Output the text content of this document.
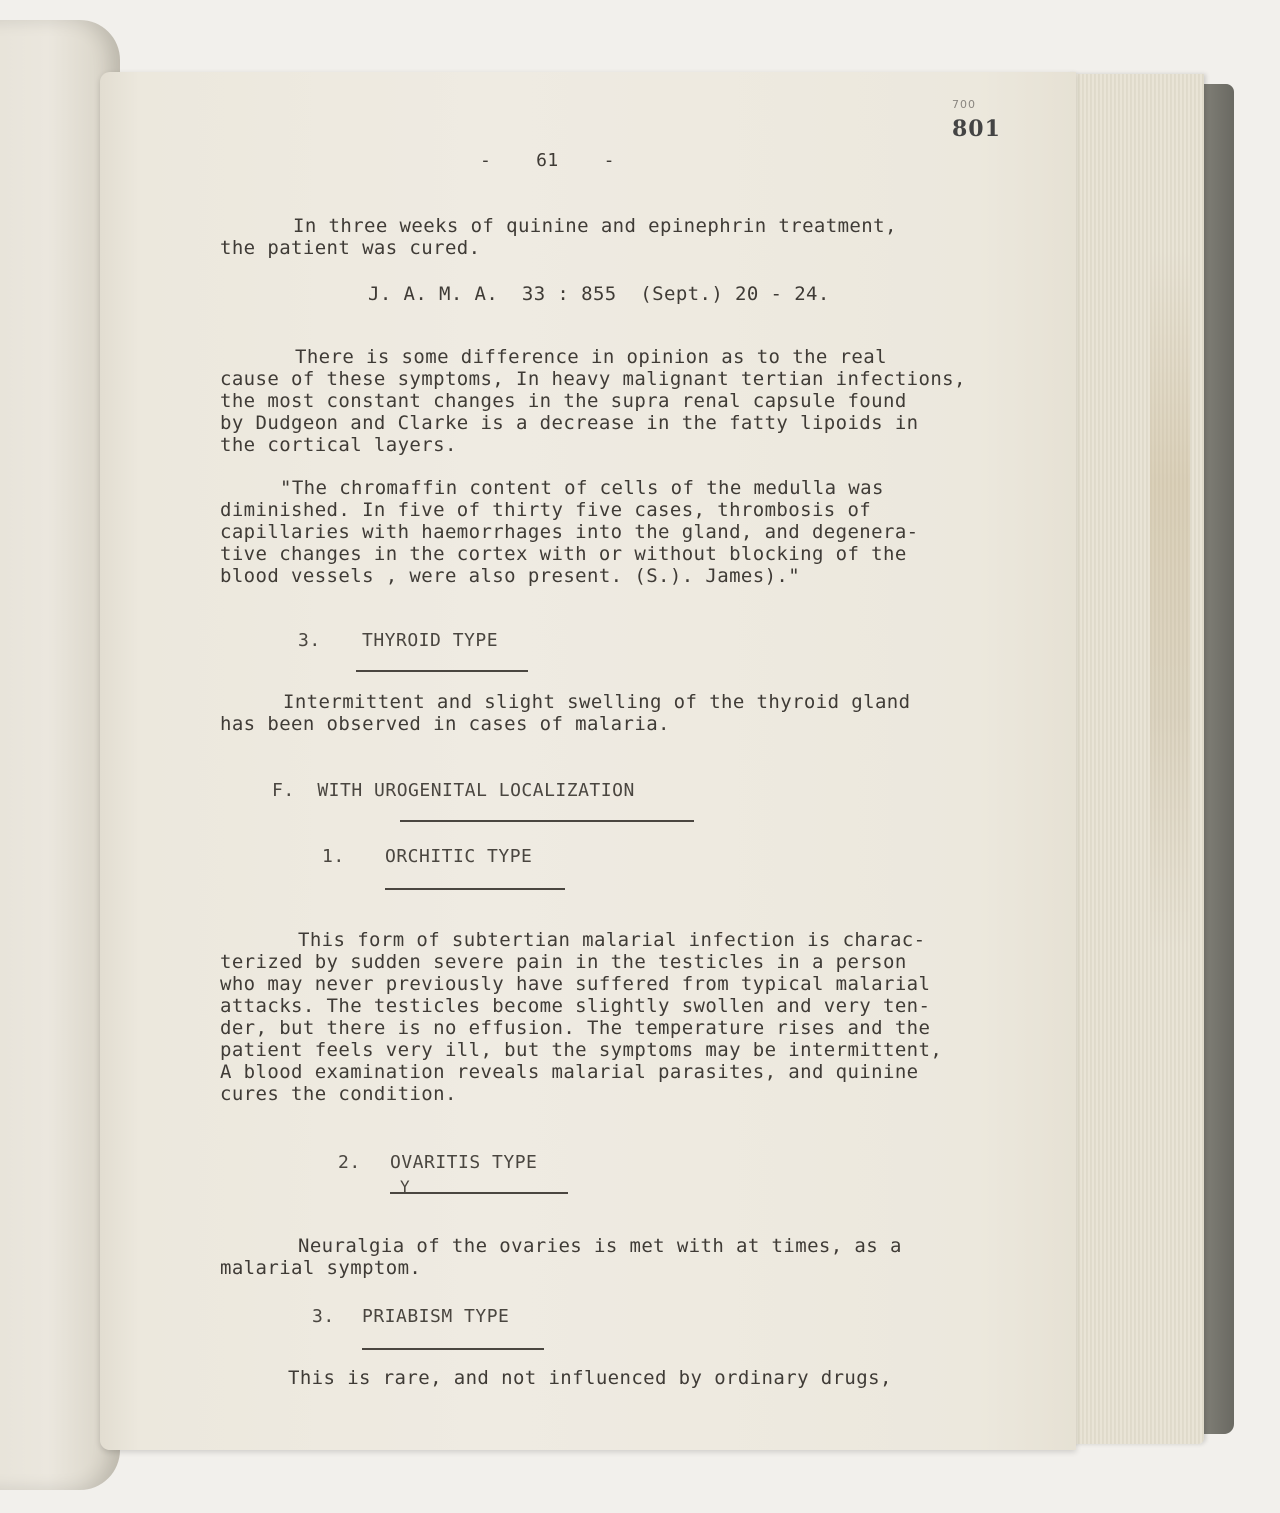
700
801
-    61    -
In three weeks of quinine and epinephrin treatment,
the patient was cured.
J. A. M. A.  33 : 855  (Sept.) 20 - 24.
There is some difference in opinion as to the real
cause of these symptoms, In heavy malignant tertian infections,
the most constant changes in the supra renal capsule found
by Dudgeon and Clarke is a decrease in the fatty lipoids in
the cortical layers.
"The chromaffin content of cells of the medulla was
diminished. In five of thirty five cases, thrombosis of
capillaries with haemorrhages into the gland, and degenera-
tive changes in the cortex with or without blocking of the
blood vessels , were also present. (S.). James)."
3. THYROID TYPE
Intermittent and slight swelling of the thyroid gland
has been observed in cases of malaria.
F.  WITH UROGENITAL LOCALIZATION
1. ORCHITIC TYPE
This form of subtertian malarial infection is charac-
terized by sudden severe pain in the testicles in a person
who may never previously have suffered from typical malarial
attacks. The testicles become slightly swollen and very ten-
der, but there is no effusion. The temperature rises and the
patient feels very ill, but the symptoms may be intermittent,
A blood examination reveals malarial parasites, and quinine
cures the condition.
2. OVARITIS TYPE
Y
Neuralgia of the ovaries is met with at times, as a
malarial symptom.
3. PRIABISM TYPE
This is rare, and not influenced by ordinary drugs,
